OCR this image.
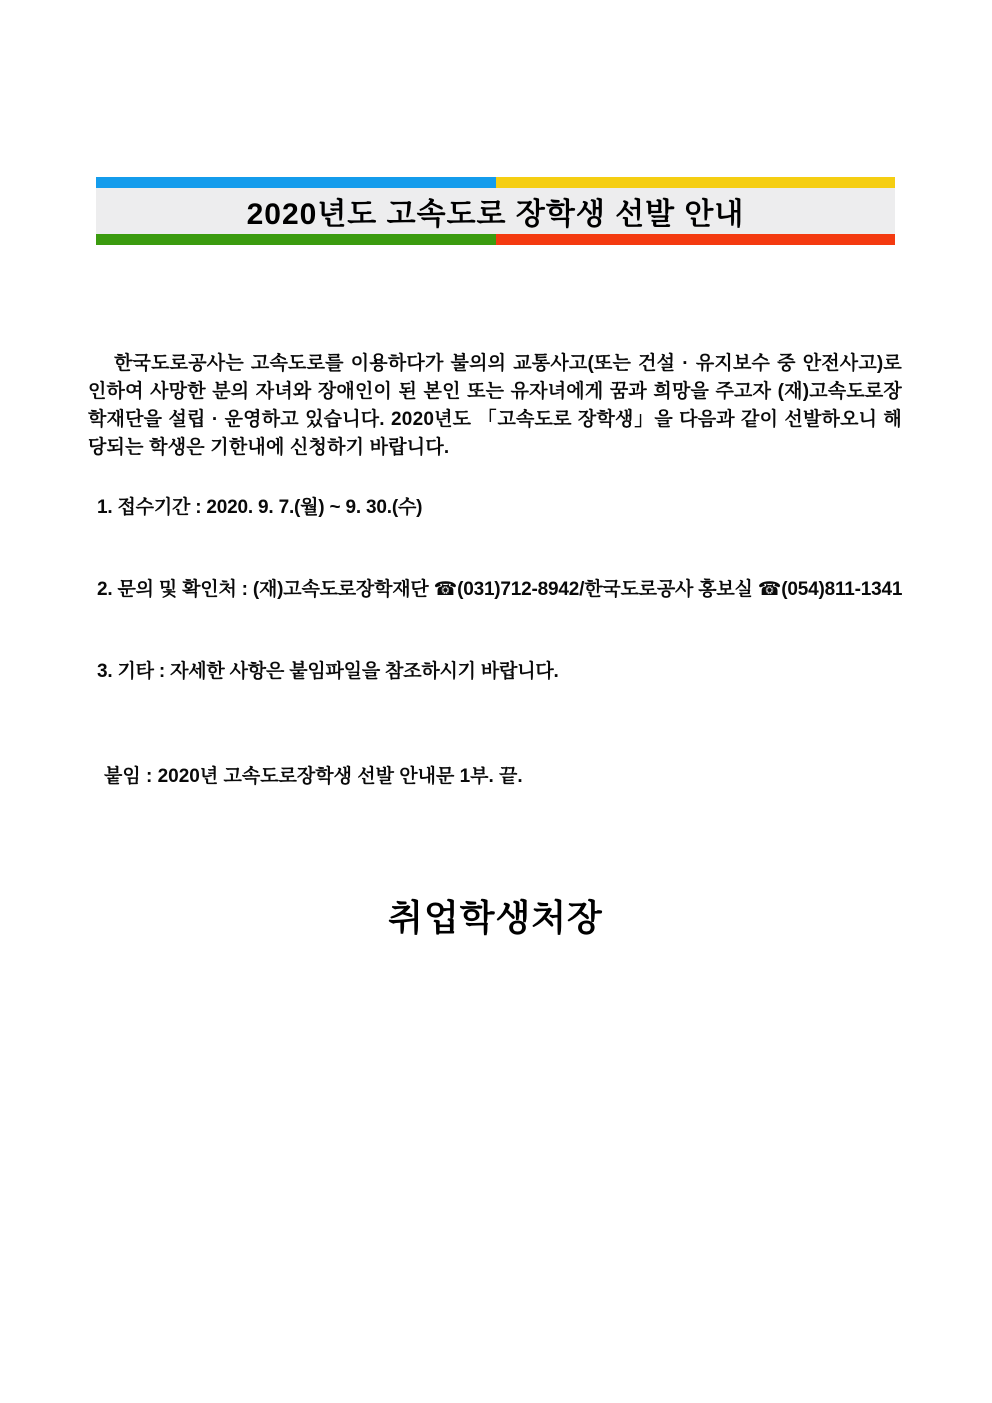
2020년도 고속도로 장학생 선발 안내

한국도로공사는 고속도로를 이용하다가 불의의 교통사고(또는 건설 · 유지보수 중 안전사고)로 인하여 사망한 분의 자녀와 장애인이 된 본인 또는 유자녀에게 꿈과 희망을 주고자 (재)고속도로장학재단을 설립 · 운영하고 있습니다. 2020년도 「고속도로 장학생」을 다음과 같이 선발하오니 해당되는 학생은 기한내에 신청하기 바랍니다.

1. 접수기간 : 2020. 9. 7.(월) ~ 9. 30.(수)
2. 문의 및 확인처 : (재)고속도로장학재단 ☎(031)712-8942/한국도로공사 홍보실 ☎(054)811-1341
3. 기타 : 자세한 사항은 붙임파일을 참조하시기 바랍니다.
붙임 : 2020년 고속도로장학생 선발 안내문 1부. 끝.
취업학생처장
